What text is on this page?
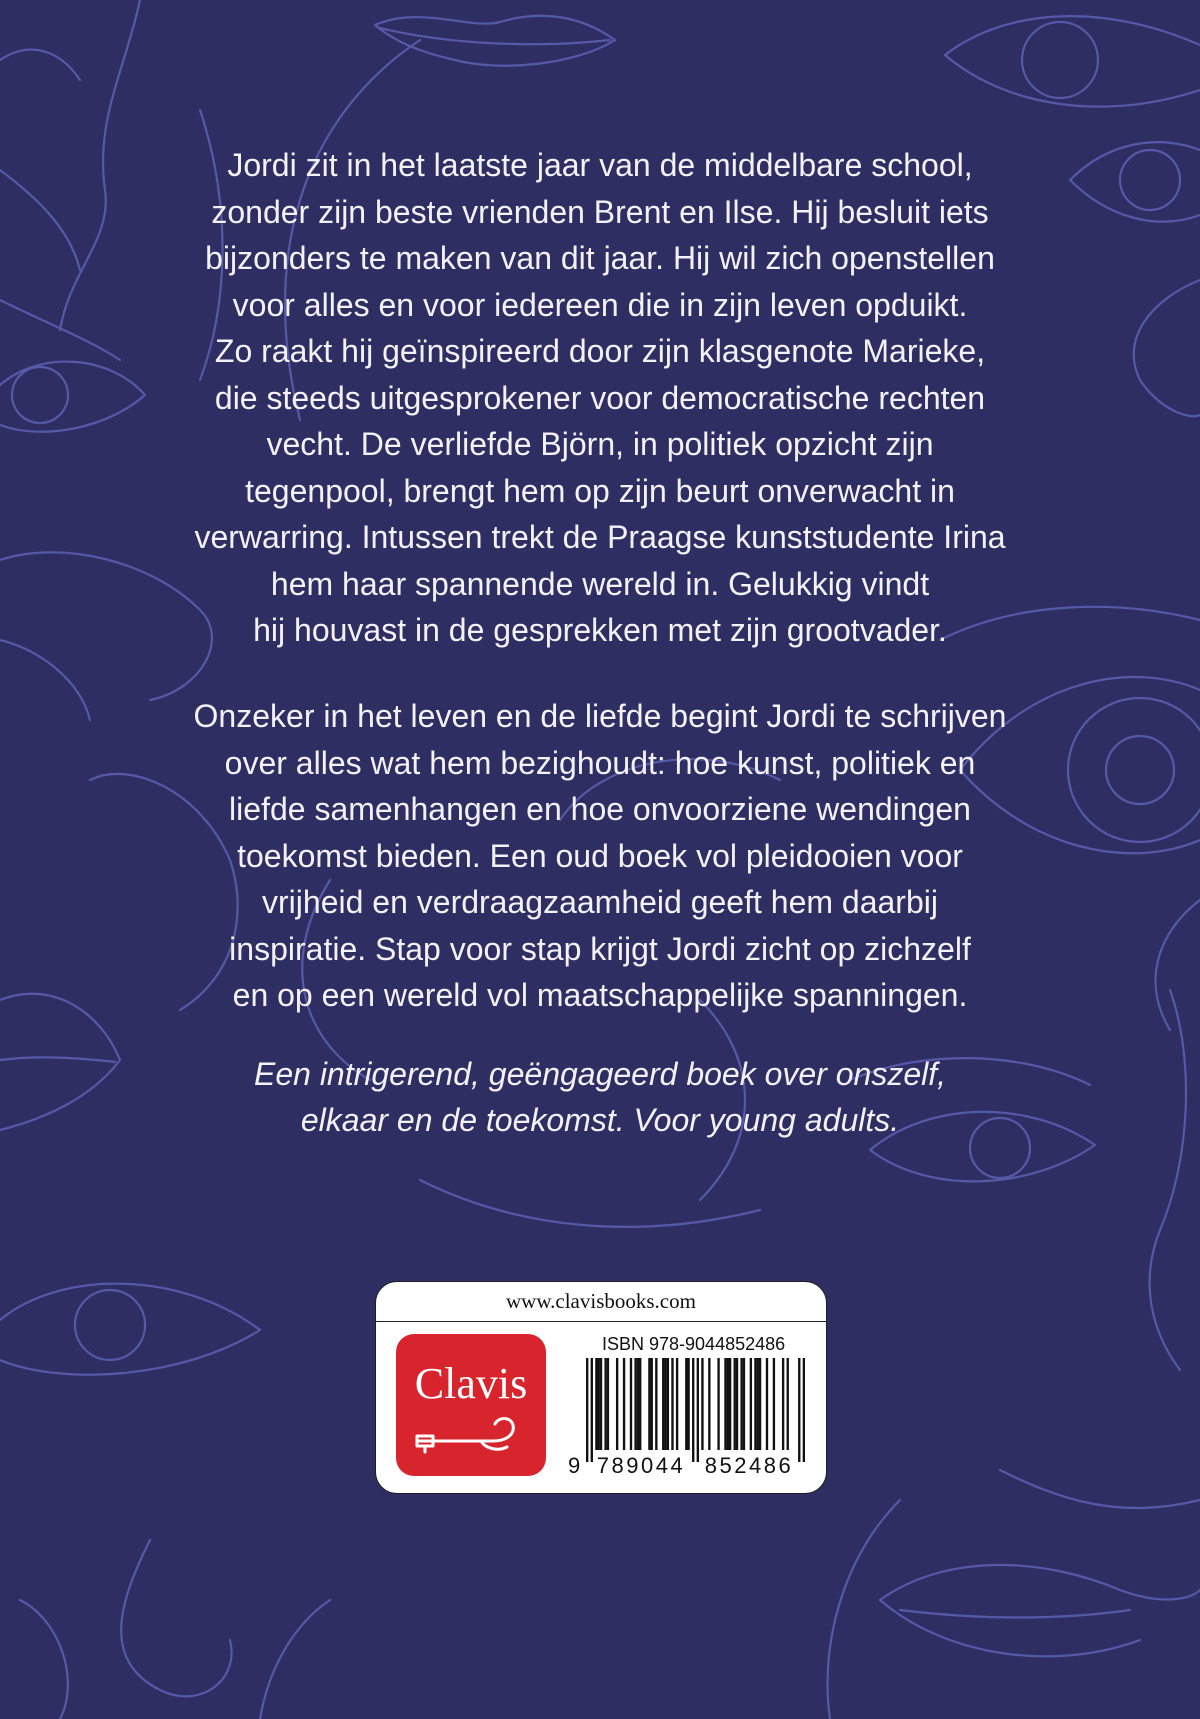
Jordi zit in het laatste jaar van de middelbare school,
zonder zijn beste vrienden Brent en Ilse. Hij besluit iets
bijzonders te maken van dit jaar. Hij wil zich openstellen
voor alles en voor iedereen die in zijn leven opduikt.
Zo raakt hij geïnspireerd door zijn klasgenote Marieke,
die steeds uitgesprokener voor democratische rechten
vecht. De verliefde Björn, in politiek opzicht zijn
tegenpool, brengt hem op zijn beurt onverwacht in
verwarring. Intussen trekt de Praagse kunststudente Irina
hem haar spannende wereld in. Gelukkig vindt
hij houvast in de gesprekken met zijn grootvader.
Onzeker in het leven en de liefde begint Jordi te schrijven
over alles wat hem bezighoudt: hoe kunst, politiek en
liefde samenhangen en hoe onvoorziene wendingen
toekomst bieden. Een oud boek vol pleidooien voor
vrijheid en verdraagzaamheid geeft hem daarbij
inspiratie. Stap voor stap krijgt Jordi zicht op zichzelf
en op een wereld vol maatschappelijke spanningen.
Een intrigerend, geëngageerd boek over onszelf,
elkaar en de toekomst. Voor young adults.
www.clavisbooks.com
Clavis
ISBN 978-9044852486
9 789044 852486
